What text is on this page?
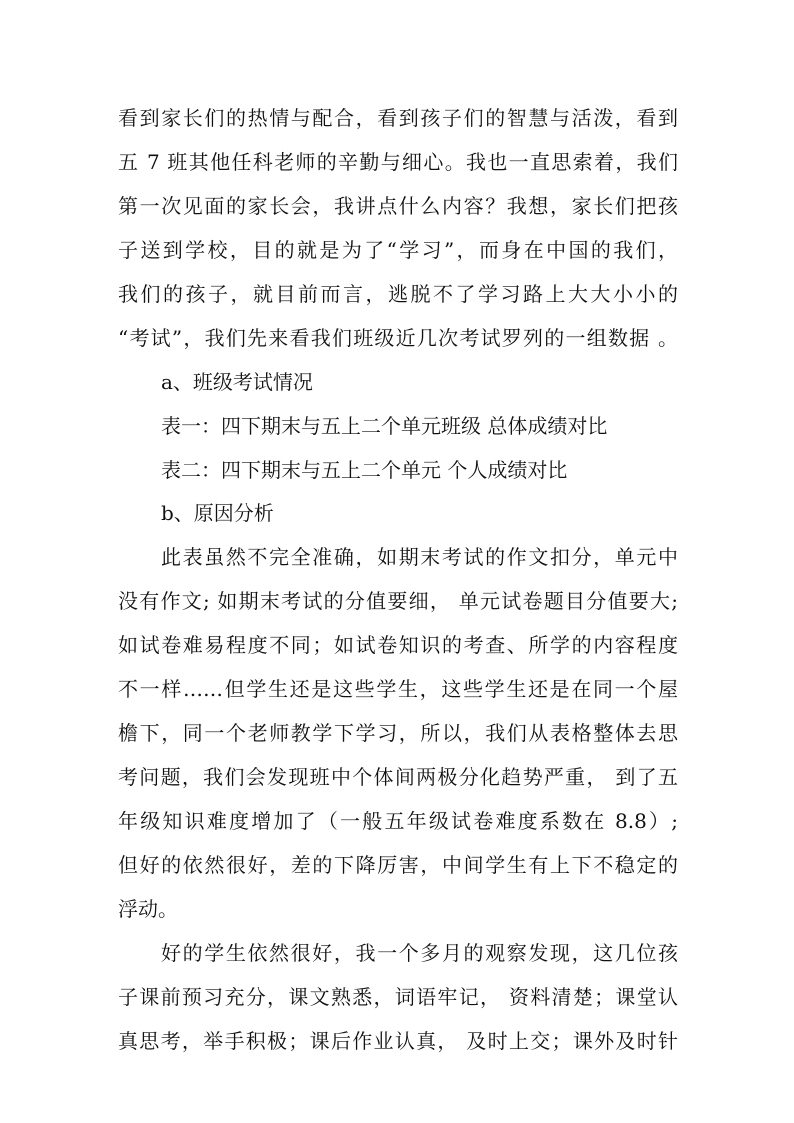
看到家长们的热情与配合，看到孩子们的智慧与活泼，看到
五 7 班其他任科老师的辛勤与细心。我也一直思索着，我们
第一次见面的家长会，我讲点什么内容？我想，家长们把孩
子送到学校，目的就是为了“学习”，而身在中国的我们，
我们的孩子，就目前而言，逃脱不了学习路上大大小小的
“考试”，我们先来看我们班级近几次考试罗列的一组数据 。
a、班级考试情况
表一：四下期末与五上二个单元班级 总体成绩对比
表二：四下期末与五上二个单元 个人成绩对比
b、原因分析
此表虽然不完全准确，如期末考试的作文扣分，单元中
没有作文; 如期末考试的分值要细， 单元试卷题目分值要大;
如试卷难易程度不同；如试卷知识的考查、所学的内容程度
不一样……但学生还是这些学生，这些学生还是在同一个屋
檐下，同一个老师教学下学习，所以，我们从表格整体去思
考问题，我们会发现班中个体间两极分化趋势严重， 到了五
年级知识难度增加了（一般五年级试卷难度系数在 8.8）;
但好的依然很好，差的下降厉害，中间学生有上下不稳定的
浮动。
好的学生依然很好，我一个多月的观察发现，这几位孩
子课前预习充分，课文熟悉，词语牢记， 资料清楚；课堂认
真思考，举手积极；课后作业认真， 及时上交；课外及时针
